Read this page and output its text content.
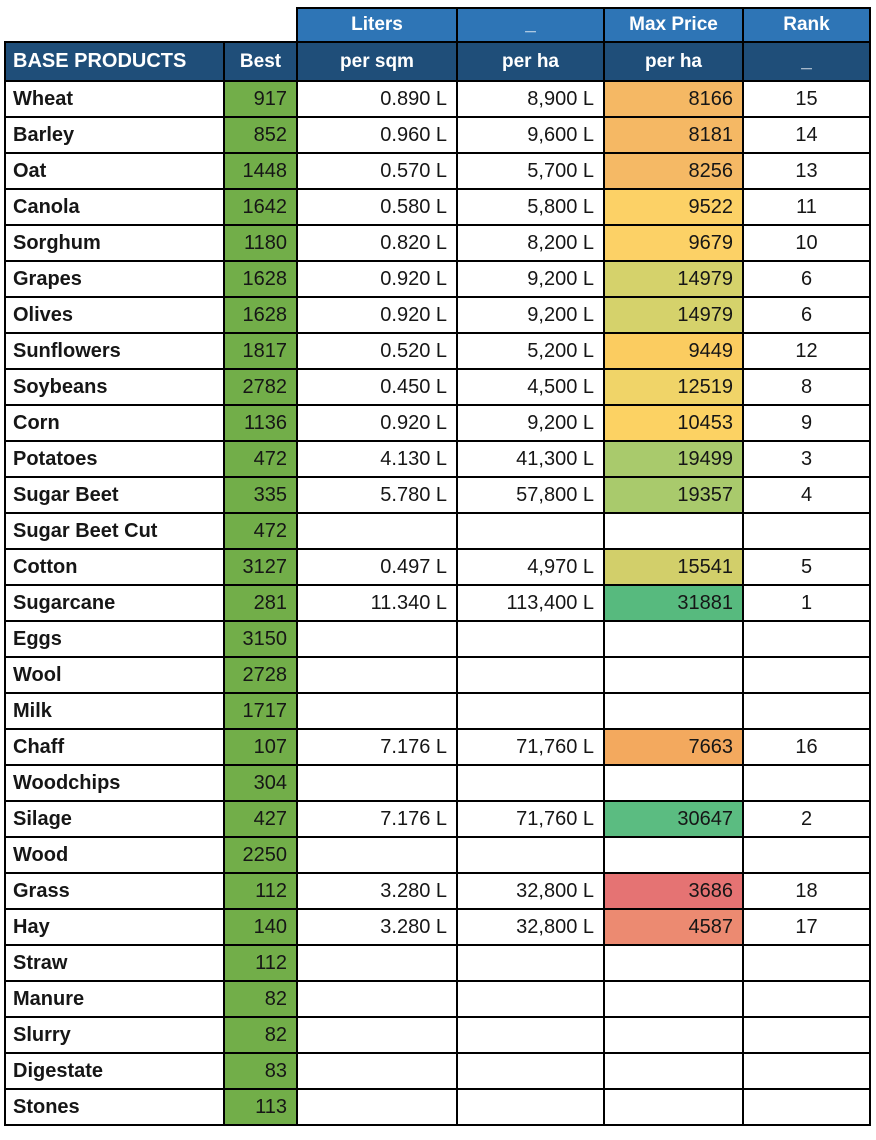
		Liters	_	Max Price	Rank
BASE PRODUCTS	Best	per sqm	per ha	per ha	_
Wheat	917	0.890 L	8,900 L	8166	15
Barley	852	0.960 L	9,600 L	8181	14
Oat	1448	0.570 L	5,700 L	8256	13
Canola	1642	0.580 L	5,800 L	9522	11
Sorghum	1180	0.820 L	8,200 L	9679	10
Grapes	1628	0.920 L	9,200 L	14979	6
Olives	1628	0.920 L	9,200 L	14979	6
Sunflowers	1817	0.520 L	5,200 L	9449	12
Soybeans	2782	0.450 L	4,500 L	12519	8
Corn	1136	0.920 L	9,200 L	10453	9
Potatoes	472	4.130 L	41,300 L	19499	3
Sugar Beet	335	5.780 L	57,800 L	19357	4
Sugar Beet Cut	472				
Cotton	3127	0.497 L	4,970 L	15541	5
Sugarcane	281	11.340 L	113,400 L	31881	1
Eggs	3150				
Wool	2728				
Milk	1717				
Chaff	107	7.176 L	71,760 L	7663	16
Woodchips	304				
Silage	427	7.176 L	71,760 L	30647	2
Wood	2250				
Grass	112	3.280 L	32,800 L	3686	18
Hay	140	3.280 L	32,800 L	4587	17
Straw	112				
Manure	82				
Slurry	82				
Digestate	83				
Stones	113				
